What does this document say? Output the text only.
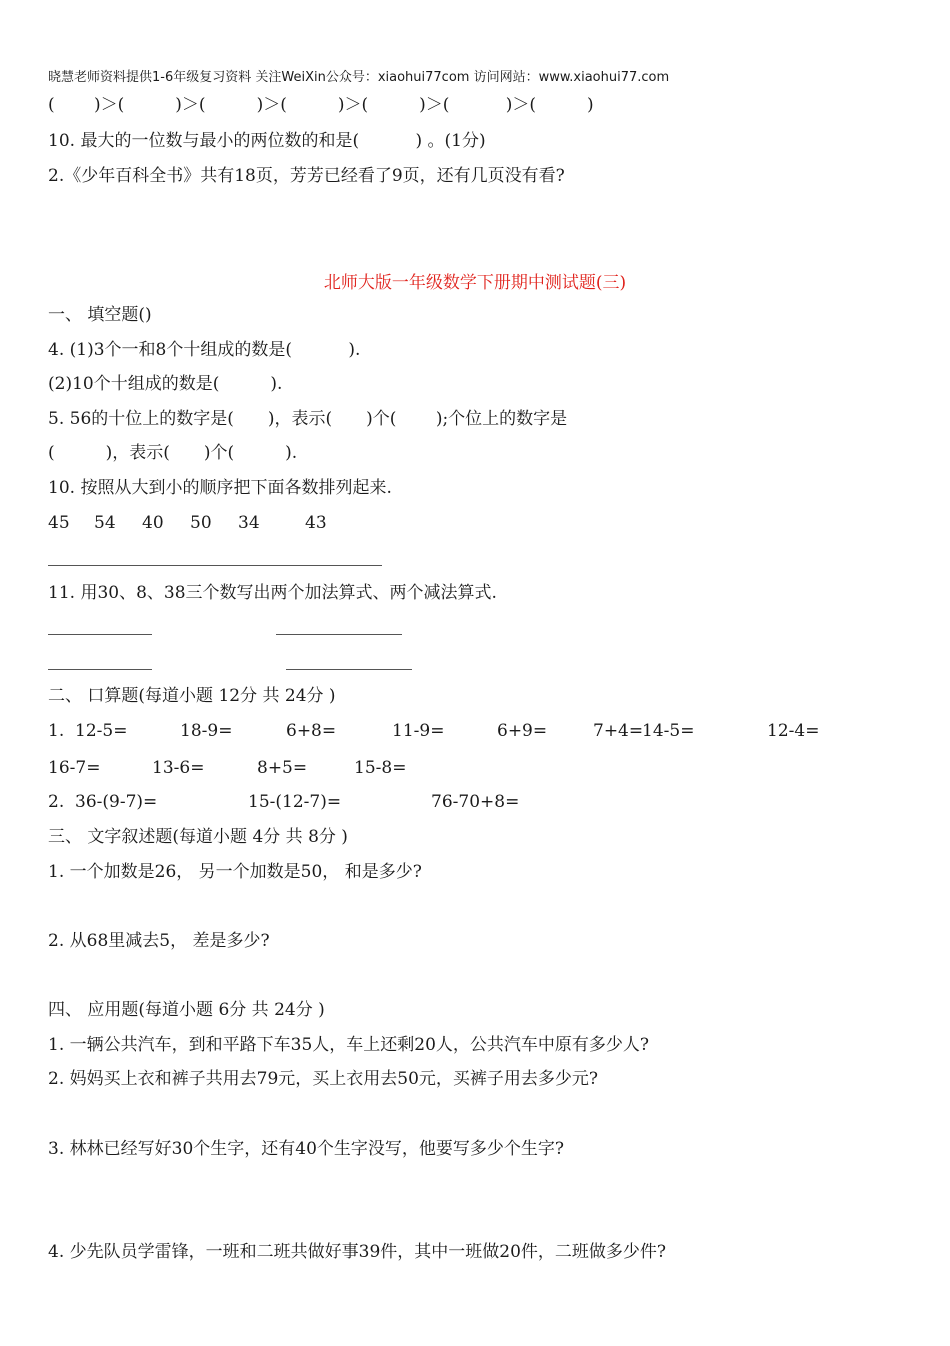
晓慧老师资料提供1-6年级复习资料 关注WeiXin公众号：xiaohui77com 访问网站：www.xiaohui77.com
(　　 )＞(　　　)＞(　　　)＞(　　　)＞(　　　)＞(　　　 )＞(　　　)
10. 最大的一位数与最小的两位数的和是(　　　 ) 。(1分)
2.《少年百科全书》共有18页，芳芳已经看了9页，还有几页没有看?
北师大版一年级数学下册期中测试题(三)
一、 填空题()
4. (1)3个一和8个十组成的数是(　　　 ).
(2)10个十组成的数是(　　　).
5. 56的十位上的数字是(　　)，表示(　　)个(　　 );个位上的数字是
(　　　)，表示(　　)个(　　　).
10. 按照从大到小的顺序把下面各数排列起来.
45 54 40 50 34	43
11. 用30、8、38三个数写出两个加法算式、两个减法算式.
二、 口算题(每道小题 12分 共 24分 )
1. 12-5=	18-9=	6+8=	11-9=	6+9=	7+4=
14-5=	12-4=
16-7=	13-6=	8+5=	15-8=
2. 36-(9-7)=	15-(12-7)=	76-70+8=
三、 文字叙述题(每道小题 4分 共 8分 )
1. 一个加数是26， 另一个加数是50， 和是多少?
2. 从68里减去5， 差是多少?
四、 应用题(每道小题 6分 共 24分 )
1. 一辆公共汽车，到和平路下车35人，车上还剩20人，公共汽车中原有多少人?
2. 妈妈买上衣和裤子共用去79元，买上衣用去50元，买裤子用去多少元?
3. 林林已经写好30个生字，还有40个生字没写，他要写多少个生字?
4. 少先队员学雷锋，一班和二班共做好事39件，其中一班做20件，二班做多少件?
